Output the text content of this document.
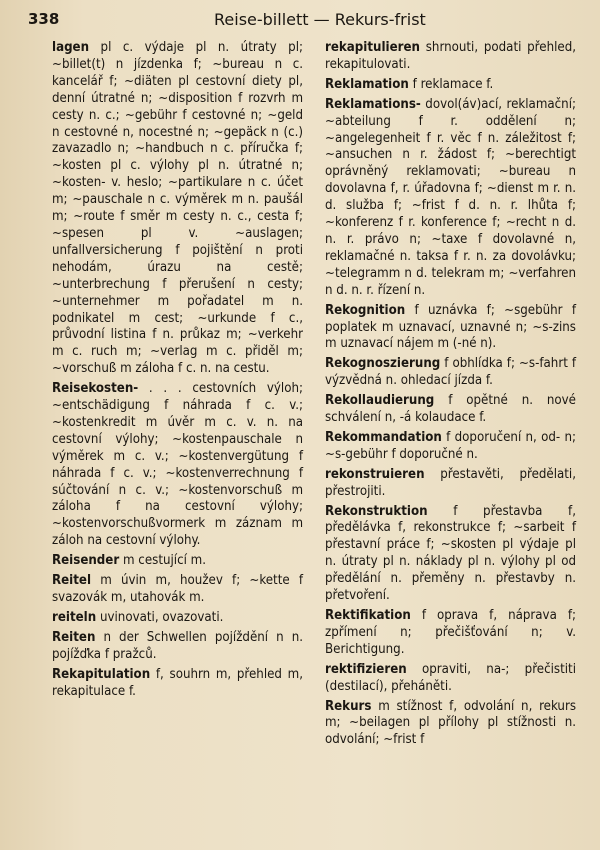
338	Reise-billett — Rekurs-frist

lagen pl c. výdaje pl n. útraty pl; ~billet(t) n jízdenka f; ~bureau n c. kancelář f; ~diäten pl cestovní diety pl, denní útratné n; ~disposition f rozvrh m cesty n. c.; ~gebühr f cestovné n; ~geld n cestovné n, nocestné n; ~gepäck n (c.) zavazadlo n; ~handbuch n c. příručka f; ~kosten pl c. výlohy pl n. útratné n; ~kosten- v. heslo; ~partikulare n c. účet m; ~pauschale n c. výměrek m n. paušál m; ~route f směr m cesty n. c., cesta f; ~spesen pl v. ~auslagen; unfallversicherung f pojištění n proti nehodám, úrazu na cestě; ~unterbrechung f přerušení n cesty; ~unternehmer m pořadatel m n. podnikatel m cest; ~urkunde f c., průvodní listina f n. průkaz m; ~verkehr m c. ruch m; ~verlag m c. přiděl m; ~vorschuß m záloha f c. n. na cestu.

Reisekosten- . . . cestovních výloh; ~entschädigung f náhrada f c. v.; ~kostenkredit m úvěr m c. v. n. na cestovní výlohy; ~kostenpauschale n výměrek m c. v.; ~kostenvergütung f náhrada f c. v.; ~kostenverrechnung f súčtování n c. v.; ~kostenvorschuß m záloha f na cestovní výlohy; ~kostenvorschußvormerk m záznam m záloh na cestovní výlohy.

Reisender m cestující m.

Reitel m úvin m, houžev f; ~kette f svazovák m, utahovák m.

reiteln uvinovati, ovazovati.

Reiten n der Schwellen pojíždění n n. pojížďka f pražců.

Rekapitulation f, souhrn m, přehled m, rekapitulace f.

rekapitulieren shrnouti, podati přehled, rekapitulovati.

Reklamation f reklamace f.

Reklamations- dovol(áv)ací, reklamační; ~abteilung f r. oddělení n; ~angelegenheit f r. věc f n. záležitost f; ~ansuchen n r. žádost f; ~berechtigt oprávněný reklamovati; ~bureau n dovolavna f, r. úřadovna f; ~dienst m r. n. d. služba f; ~frist f d. n. r. lhůta f; ~konferenz f r. konference f; ~recht n d. n. r. právo n; ~taxe f dovolavné n, reklamačné n. taksa f r. n. za dovolávku; ~telegramm n d. telekram m; ~verfahren n d. n. r. řízení n.

Rekognition f uznávka f; ~sgebühr f poplatek m uznavací, uznavné n; ~s-zins m uznavací nájem m (-né n).

Rekognoszierung f obhlídka f; ~s-fahrt f výzvědná n. ohledací jízda f.

Rekollaudierung f opětné n. nové schválení n, -á kolaudace f.

Rekommandation f doporučení n, od- n; ~s-gebühr f doporučné n.

rekonstruieren přestavěti, předělati, přestrojiti.

Rekonstruktion f přestavba f, předělávka f, rekonstrukce f; ~sarbeit f přestavní práce f; ~skosten pl výdaje pl n. útraty pl n. náklady pl n. výlohy pl od předělání n. přeměny n. přestavby n. přetvoření.

Rektifikation f oprava f, náprava f; zpřímení n; přečišťování n; v. Berichtigung.

rektifizieren opraviti, na-; přečistiti (destilací), přeháněti.

Rekurs m stížnost f, odvolání n, rekurs m; ~beilagen pl přílohy pl stížnosti n. odvolání; ~frist f
